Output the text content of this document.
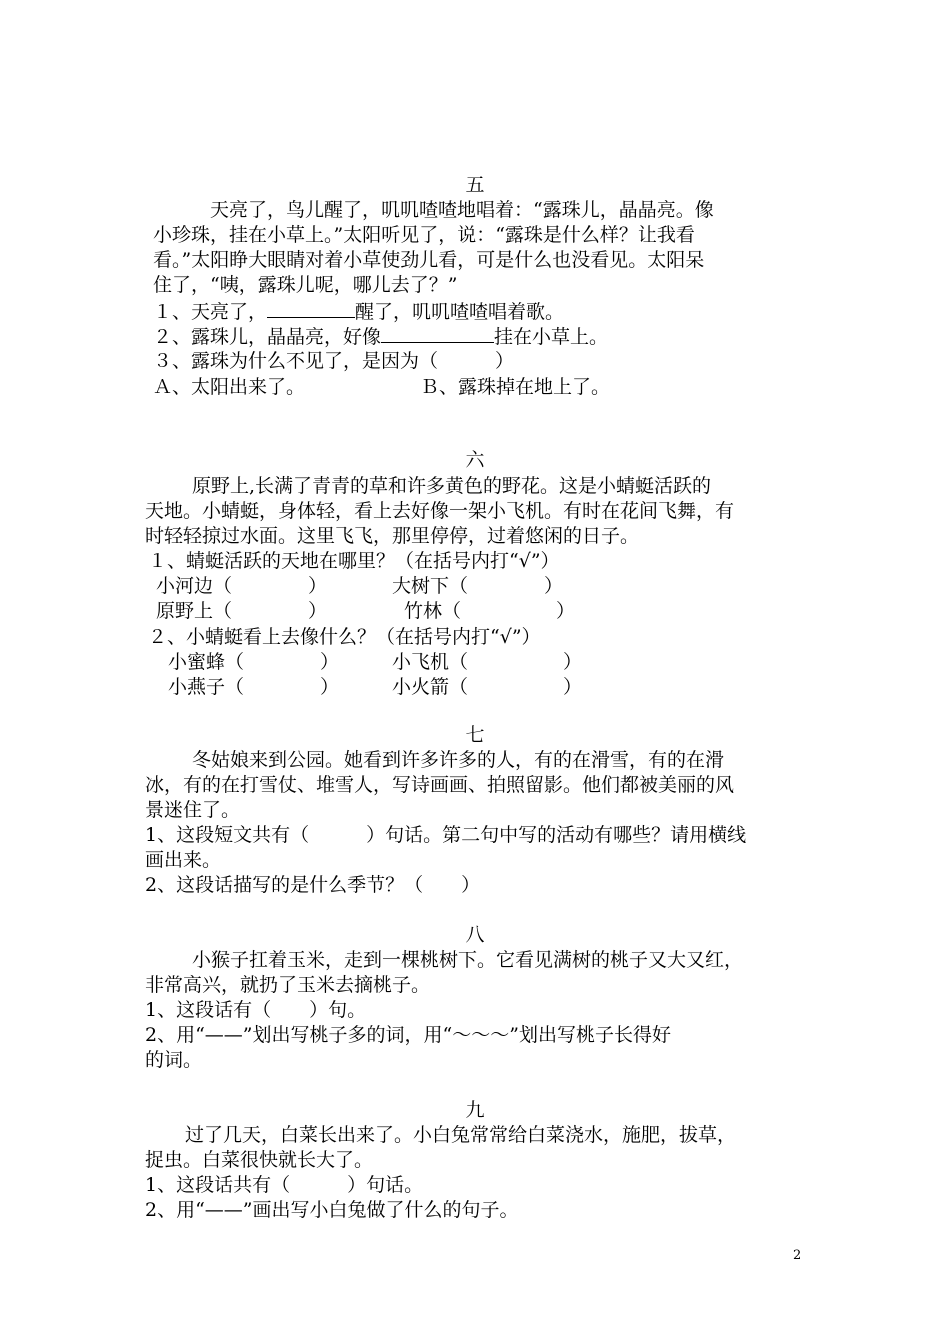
五
天亮了，鸟儿醒了，叽叽喳喳地唱着：“露珠儿，晶晶亮。像
小珍珠，挂在小草上。”太阳听见了，说：“露珠是什么样？让我看
看。”太阳睁大眼睛对着小草使劲儿看，可是什么也没看见。太阳呆
住了，“咦，露珠儿呢，哪儿去了？”
１、天亮了，	醒了，叽叽喳喳唱着歌。
２、露珠儿，晶晶亮，好像	挂在小草上。
３、露珠为什么不见了，是因为（　　　）
Ａ、太阳出来了。	Ｂ、露珠掉在地上了。
六
原野上,长满了青青的草和许多黄色的野花。这是小蜻蜓活跃的
天地。小蜻蜓，身体轻，看上去好像一架小飞机。有时在花间飞舞，有
时轻轻掠过水面。这里飞飞，那里停停，过着悠闲的日子。
１、蜻蜓活跃的天地在哪里？（在括号内打“√”）
小河边（　　　　）	大树下（　　　　）
原野上（　　　　）	竹林（　　　　　）
２、小蜻蜓看上去像什么？（在括号内打“√”）
小蜜蜂（　　　　）	小飞机（　　　　　）
小燕子（　　　　）	小火箭（　　　　　）
七
冬姑娘来到公园。她看到许多许多的人，有的在滑雪，有的在滑
冰，有的在打雪仗、堆雪人，写诗画画、拍照留影。他们都被美丽的风
景迷住了。
1、这段短文共有（　　　）句话。第二句中写的活动有哪些？请用横线
画出来。
2、这段话描写的是什么季节？（　　）
八
小猴子扛着玉米，走到一棵桃树下。它看见满树的桃子又大又红，
非常高兴，就扔了玉米去摘桃子。
1、这段话有（　　）句。
2、用“——”划出写桃子多的词，用“～～～”划出写桃子长得好
的词。
九
过了几天，白菜长出来了。小白兔常常给白菜浇水，施肥，拔草，
捉虫。白菜很快就长大了。
1、这段话共有（　　　）句话。
2、用“——”画出写小白兔做了什么的句子。
2
